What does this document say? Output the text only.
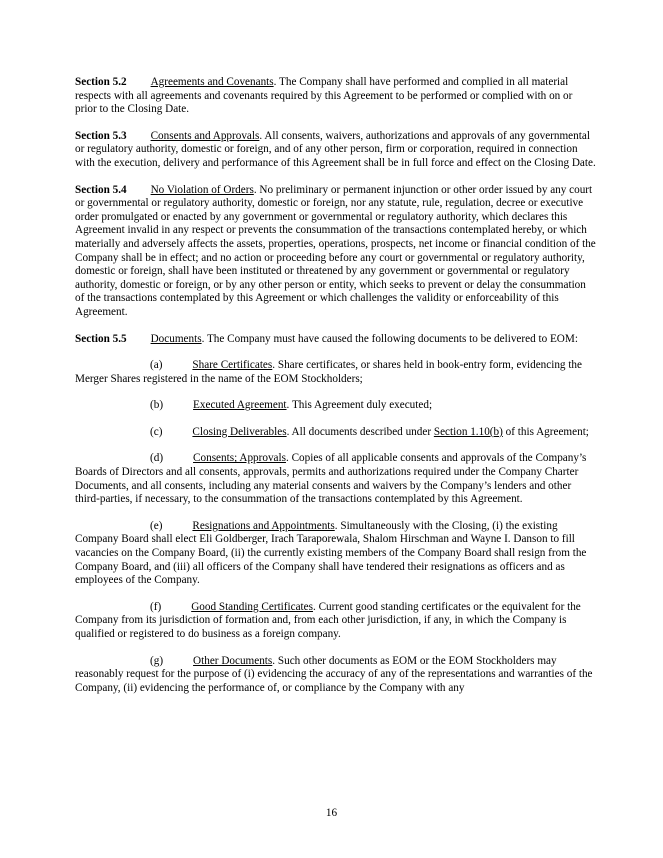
Section 5.2 Agreements and Covenants. The Company shall have performed and complied in all material respects with all agreements and covenants required by this Agreement to be performed or complied with on or prior to the Closing Date.

Section 5.3 Consents and Approvals. All consents, waivers, authorizations and approvals of any governmental or regulatory authority, domestic or foreign, and of any other person, firm or corporation, required in connection with the execution, delivery and performance of this Agreement shall be in full force and effect on the Closing Date.

Section 5.4 No Violation of Orders. No preliminary or permanent injunction or other order issued by any court or governmental or regulatory authority, domestic or foreign, nor any statute, rule, regulation, decree or executive order promulgated or enacted by any government or governmental or regulatory authority, which declares this Agreement invalid in any respect or prevents the consummation of the transactions contemplated hereby, or which materially and adversely affects the assets, properties, operations, prospects, net income or financial condition of the Company shall be in effect; and no action or proceeding before any court or governmental or regulatory authority, domestic or foreign, shall have been instituted or threatened by any government or governmental or regulatory authority, domestic or foreign, or by any other person or entity, which seeks to prevent or delay the consummation of the transactions contemplated by this Agreement or which challenges the validity or enforceability of this Agreement.

Section 5.5 Documents. The Company must have caused the following documents to be delivered to EOM:

(a)	Share Certificates. Share certificates, or shares held in book-entry form, evidencing the Merger Shares registered in the name of the EOM Stockholders;

(b)	Executed Agreement. This Agreement duly executed;

(c)	Closing Deliverables. All documents described under Section 1.10(b) of this Agreement;

(d)	Consents; Approvals. Copies of all applicable consents and approvals of the Company’s Boards of Directors and all consents, approvals, permits and authorizations required under the Company Charter Documents, and all consents, including any material consents and waivers by the Company’s lenders and other third-parties, if necessary, to the consummation of the transactions contemplated by this Agreement.

(e)	Resignations and Appointments. Simultaneously with the Closing, (i) the existing Company Board shall elect Eli Goldberger, Irach Taraporewala, Shalom Hirschman and Wayne I. Danson to fill vacancies on the Company Board, (ii) the currently existing members of the Company Board shall resign from the Company Board, and (iii) all officers of the Company shall have tendered their resignations as officers and as employees of the Company.

(f)	Good Standing Certificates. Current good standing certificates or the equivalent for the Company from its jurisdiction of formation and, from each other jurisdiction, if any, in which the Company is qualified or registered to do business as a foreign company.

(g)	Other Documents. Such other documents as EOM or the EOM Stockholders may reasonably request for the purpose of (i) evidencing the accuracy of any of the representations and warranties of the Company, (ii) evidencing the performance of, or compliance by the Company with any

16
